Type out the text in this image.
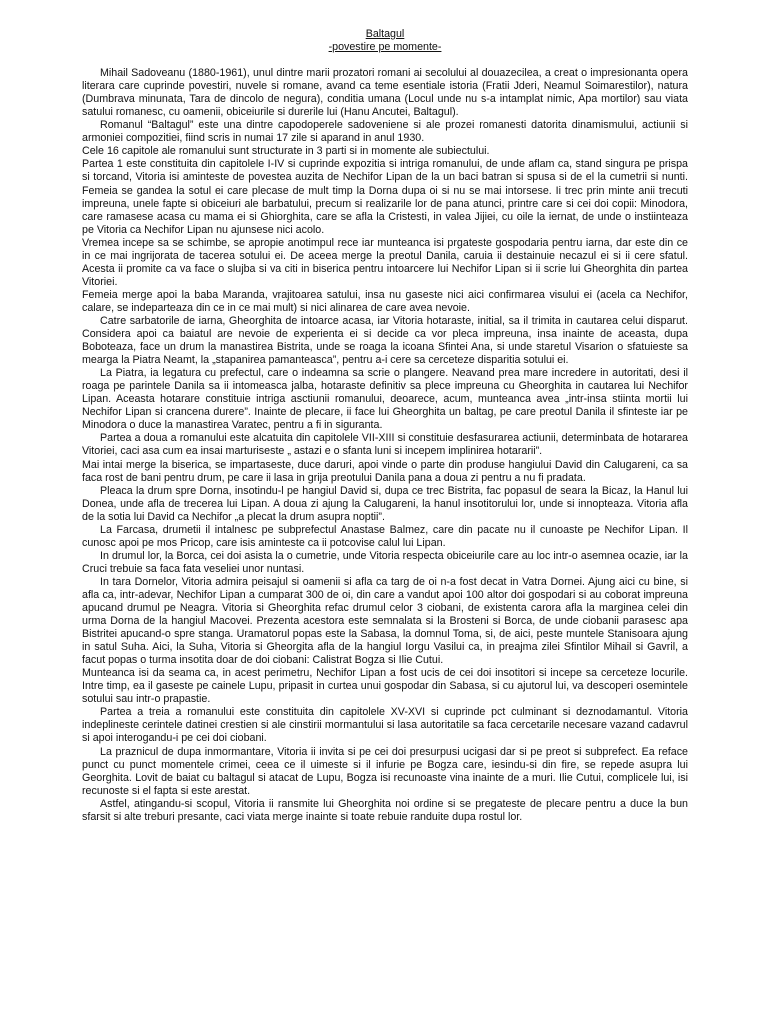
Baltagul
-povestire pe momente-

Mihail Sadoveanu (1880-1961), unul dintre marii prozatori romani ai secolului al douazecilea, a creat o impresionanta opera literara care cuprinde povestiri, nuvele si romane, avand ca teme esentiale istoria (Fratii Jderi, Neamul Soimarestilor), natura (Dumbrava minunata, Tara de dincolo de negura), conditia umana (Locul unde nu s-a intamplat nimic, Apa mortilor) sau viata satului romanesc, cu oamenii, obiceiurile si durerile lui (Hanu Ancutei, Baltagul).

Romanul “Baltagul” este una dintre capodoperele sadoveniene si ale prozei romanesti datorita dinamismului, actiunii si armoniei compozitiei, fiind scris in numai 17 zile si aparand in anul 1930.

Cele 16 capitole ale romanului sunt structurate in 3 parti si in momente ale subiectului.

Partea 1 este constituita din capitolele I-IV si cuprinde expozitia si intriga romanului, de unde aflam ca, stand singura pe prispa si torcand, Vitoria isi aminteste de povestea auzita de Nechifor Lipan de la un baci batran si spusa si de el la cumetrii si nunti. Femeia se gandea la sotul ei care plecase de mult timp la Dorna dupa oi si nu se mai intorsese. Ii trec prin minte anii trecuti impreuna, unele fapte si obiceiuri ale barbatului, precum si realizarile lor de pana atunci, printre care si cei doi copii: Minodora, care ramasese acasa cu mama ei si Ghiorghita, care se afla la Cristesti, in valea Jijiei, cu oile la iernat, de unde o instiinteaza pe Vitoria ca Nechifor Lipan nu ajunsese nici acolo.

Vremea incepe sa se schimbe, se apropie anotimpul rece iar munteanca isi prgateste gospodaria pentru iarna, dar este din ce in ce mai ingrijorata de tacerea sotului ei. De aceea merge la preotul Danila, caruia ii destainuie necazul ei si ii cere sfatul. Acesta ii promite ca va face o slujba si va citi in biserica pentru intoarcere lui Nechifor Lipan si ii scrie lui Gheorghita din partea Vitoriei.

Femeia merge apoi la baba Maranda, vrajitoarea satului, insa nu gaseste nici aici confirmarea visului ei (acela ca Nechifor, calare, se indeparteaza din ce in ce mai mult) si nici alinarea de care avea nevoie.

Catre sarbatorile de iarna, Gheorghita de intoarce acasa, iar Vitoria hotaraste, initial, sa il trimita in cautarea celui disparut. Considera apoi ca baiatul are nevoie de experienta ei si decide ca vor pleca impreuna, insa inainte de aceasta, dupa Boboteaza, face un drum la manastirea Bistrita, unde se roaga la icoana Sfintei Ana, si unde staretul Visarion o sfatuieste sa mearga la Piatra Neamt, la „stapanirea pamanteasca”, pentru a-i cere sa cerceteze disparitia sotului ei.

La Piatra, ia legatura cu prefectul, care o indeamna sa scrie o plangere. Neavand prea mare incredere in autoritati, desi il roaga pe parintele Danila sa ii intomeasca jalba, hotaraste definitiv sa plece impreuna cu Gheorghita in cautarea lui Nechifor Lipan. Aceasta hotarare constituie intriga asctiunii romanului, deoarece, acum, munteanca avea „intr-insa stiinta mortii lui Nechifor Lipan si crancena durere”. Inainte de plecare, ii face lui Gheorghita un baltag, pe care preotul Danila il sfinteste iar pe Minodora o duce la manastirea Varatec, pentru a fi in siguranta.

Partea a doua a romanului este alcatuita din capitolele VII-XIII si constituie desfasurarea actiunii, determinbata de hotararea Vitoriei, caci asa cum ea insai marturiseste „ astazi e o sfanta luni si incepem implinirea hotararii”.

Mai intai merge la biserica, se impartaseste, duce daruri, apoi vinde o parte din produse hangiului David din Calugareni, ca sa faca rost de bani pentru drum, pe care ii lasa in grija preotului Danila pana a doua zi pentru a nu fi pradata.

Pleaca la drum spre Dorna, insotindu-l pe hangiul David si, dupa ce trec Bistrita, fac popasul de seara la Bicaz, la Hanul lui Donea, unde afla de trecerea lui Lipan. A doua zi ajung la Calugareni, la hanul insotitorului lor, unde si innopteaza. Vitoria afla de la sotia lui David ca Nechifor „a plecat la drum asupra noptii”.

La Farcasa, drumetii il intalnesc pe subprefectul Anastase Balmez, care din pacate nu il cunoaste pe Nechifor Lipan. Il cunosc apoi pe mos Pricop, care isis aminteste ca ii potcovise calul lui Lipan.

In drumul lor, la Borca, cei doi asista la o cumetrie, unde Vitoria respecta obiceiurile care au loc intr-o asemnea ocazie, iar la Cruci trebuie sa faca fata veseliei unor nuntasi.

In tara Dornelor, Vitoria admira peisajul si oamenii si afla ca targ de oi n-a fost decat in Vatra Dornei. Ajung aici cu bine, si afla ca, intr-adevar, Nechifor Lipan a cumparat 300 de oi, din care a vandut apoi 100 altor doi gospodari si au coborat impreuna apucand drumul pe Neagra. Vitoria si Gheorghita refac drumul celor 3 ciobani, de existenta carora afla la marginea celei din urma Dorna de la hangiul Macovei. Prezenta acestora este semnalata si la Brosteni si Borca, de unde ciobanii parasesc apa Bistritei apucand-o spre stanga. Uramatorul popas este la Sabasa, la domnul Toma, si, de aici, peste muntele Stanisoara ajung in satul Suha. Aici, la Suha, Vitoria si Gheorgita afla de la hangiul Iorgu Vasilui ca, in preajma zilei Sfintilor Mihail si Gavril, a facut popas o turma insotita doar de doi ciobani: Calistrat Bogza si Ilie Cutui.

Munteanca isi da seama ca, in acest perimetru, Nechifor Lipan a fost ucis de cei doi insotitori si incepe sa cerceteze locurile. Intre timp, ea il gaseste pe cainele Lupu, pripasit in curtea unui gospodar din Sabasa, si cu ajutorul lui, va descoperi osemintele sotului sau intr-o prapastie.

Partea a treia a romanului este constituita din capitolele XV-XVI si cuprinde pct culminant si deznodamantul. Vitoria indeplineste cerintele datinei crestien si ale cinstirii mormantului si lasa autoritatile sa faca cercetarile necesare vazand cadavrul si apoi interogandu-i pe cei doi ciobani.

La praznicul de dupa inmormantare, Vitoria ii invita si pe cei doi presurpusi ucigasi dar si pe preot si subprefect. Ea reface punct cu punct momentele crimei, ceea ce il uimeste si il infurie pe Bogza care, iesindu-si din fire, se repede asupra lui Georghita. Lovit de baiat cu baltagul si atacat de Lupu, Bogza isi recunoaste vina inainte de a muri. Ilie Cutui, complicele lui, isi recunoste si el fapta si este arestat.

Astfel, atingandu-si scopul, Vitoria ii ransmite lui Gheorghita noi ordine si se pregateste de plecare pentru a duce la bun sfarsit si alte treburi presante, caci viata merge inainte si toate rebuie randuite dupa rostul lor.
